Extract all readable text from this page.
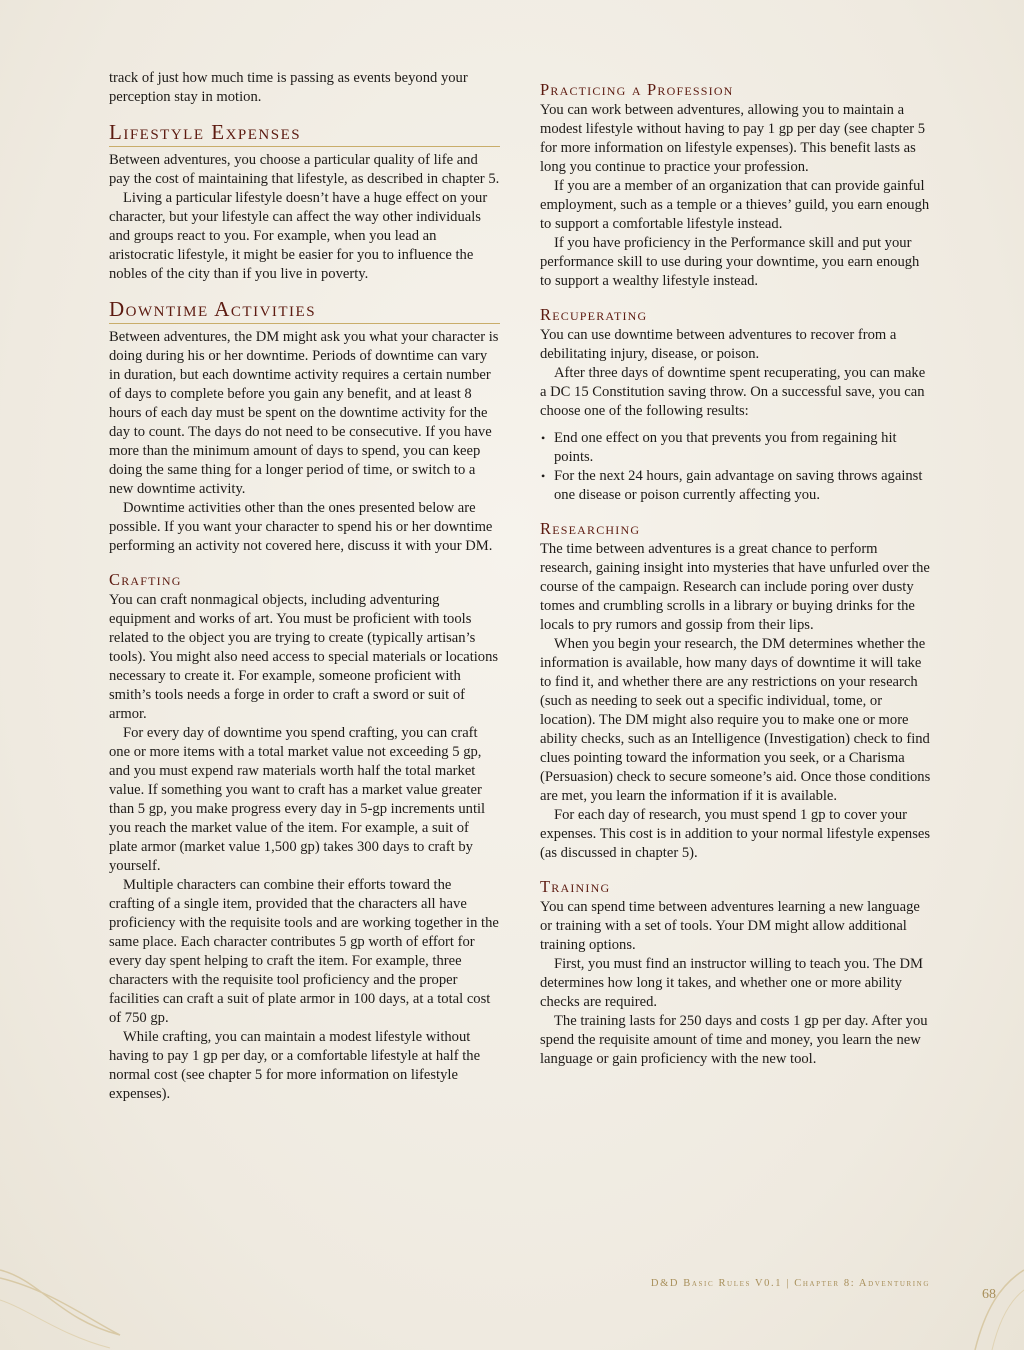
track of just how much time is passing as events beyond your perception stay in motion.

Lifestyle Expenses

Between adventures, you choose a particular quality of life and pay the cost of maintaining that lifestyle, as described in chapter 5.

Living a particular lifestyle doesn’t have a huge effect on your character, but your lifestyle can affect the way other individuals and groups react to you. For example, when you lead an aristocratic lifestyle, it might be easier for you to influence the nobles of the city than if you live in poverty.

Downtime Activities

Between adventures, the DM might ask you what your character is doing during his or her downtime. Periods of downtime can vary in duration, but each downtime activity requires a certain number of days to complete before you gain any benefit, and at least 8 hours of each day must be spent on the downtime activity for the day to count. The days do not need to be consecutive. If you have more than the minimum amount of days to spend, you can keep doing the same thing for a longer period of time, or switch to a new downtime activity.

Downtime activities other than the ones presented below are possible. If you want your character to spend his or her downtime performing an activity not covered here, discuss it with your DM.

Crafting

You can craft nonmagical objects, including adventuring equipment and works of art. You must be proficient with tools related to the object you are trying to create (typically artisan’s tools). You might also need access to special materials or locations necessary to create it. For example, someone proficient with smith’s tools needs a forge in order to craft a sword or suit of armor.

For every day of downtime you spend crafting, you can craft one or more items with a total market value not exceeding 5 gp, and you must expend raw materials worth half the total market value. If something you want to craft has a market value greater than 5 gp, you make progress every day in 5-gp increments until you reach the market value of the item. For example, a suit of plate armor (market value 1,500 gp) takes 300 days to craft by yourself.

Multiple characters can combine their efforts toward the crafting of a single item, provided that the characters all have proficiency with the requisite tools and are working together in the same place. Each character contributes 5 gp worth of effort for every day spent helping to craft the item. For example, three characters with the requisite tool proficiency and the proper facilities can craft a suit of plate armor in 100 days, at a total cost of 750 gp.

While crafting, you can maintain a modest lifestyle without having to pay 1 gp per day, or a comfortable lifestyle at half the normal cost (see chapter 5 for more information on lifestyle expenses).

Practicing a Profession

You can work between adventures, allowing you to maintain a modest lifestyle without having to pay 1 gp per day (see chapter 5 for more information on lifestyle expenses). This benefit lasts as long you continue to practice your profession.

If you are a member of an organization that can provide gainful employment, such as a temple or a thieves’ guild, you earn enough to support a comfortable lifestyle instead.

If you have proficiency in the Performance skill and put your performance skill to use during your downtime, you earn enough to support a wealthy lifestyle instead.

Recuperating

You can use downtime between adventures to recover from a debilitating injury, disease, or poison.

After three days of downtime spent recuperating, you can make a DC 15 Constitution saving throw. On a successful save, you can choose one of the following results:

• End one effect on you that prevents you from regaining hit points.
• For the next 24 hours, gain advantage on saving throws against one disease or poison currently affecting you.
Researching

The time between adventures is a great chance to perform research, gaining insight into mysteries that have unfurled over the course of the campaign. Research can include poring over dusty tomes and crumbling scrolls in a library or buying drinks for the locals to pry rumors and gossip from their lips.

When you begin your research, the DM determines whether the information is available, how many days of downtime it will take to find it, and whether there are any restrictions on your research (such as needing to seek out a specific individual, tome, or location). The DM might also require you to make one or more ability checks, such as an Intelligence (Investigation) check to find clues pointing toward the information you seek, or a Charisma (Persuasion) check to secure someone’s aid. Once those conditions are met, you learn the information if it is available.

For each day of research, you must spend 1 gp to cover your expenses. This cost is in addition to your normal lifestyle expenses (as discussed in chapter 5).

Training

You can spend time between adventures learning a new language or training with a set of tools. Your DM might allow additional training options.

First, you must find an instructor willing to teach you. The DM determines how long it takes, and whether one or more ability checks are required.

The training lasts for 250 days and costs 1 gp per day. After you spend the requisite amount of time and money, you learn the new language or gain proficiency with the new tool.

D&D Basic Rules V0.1 | Chapter 8: Adventuring
68
